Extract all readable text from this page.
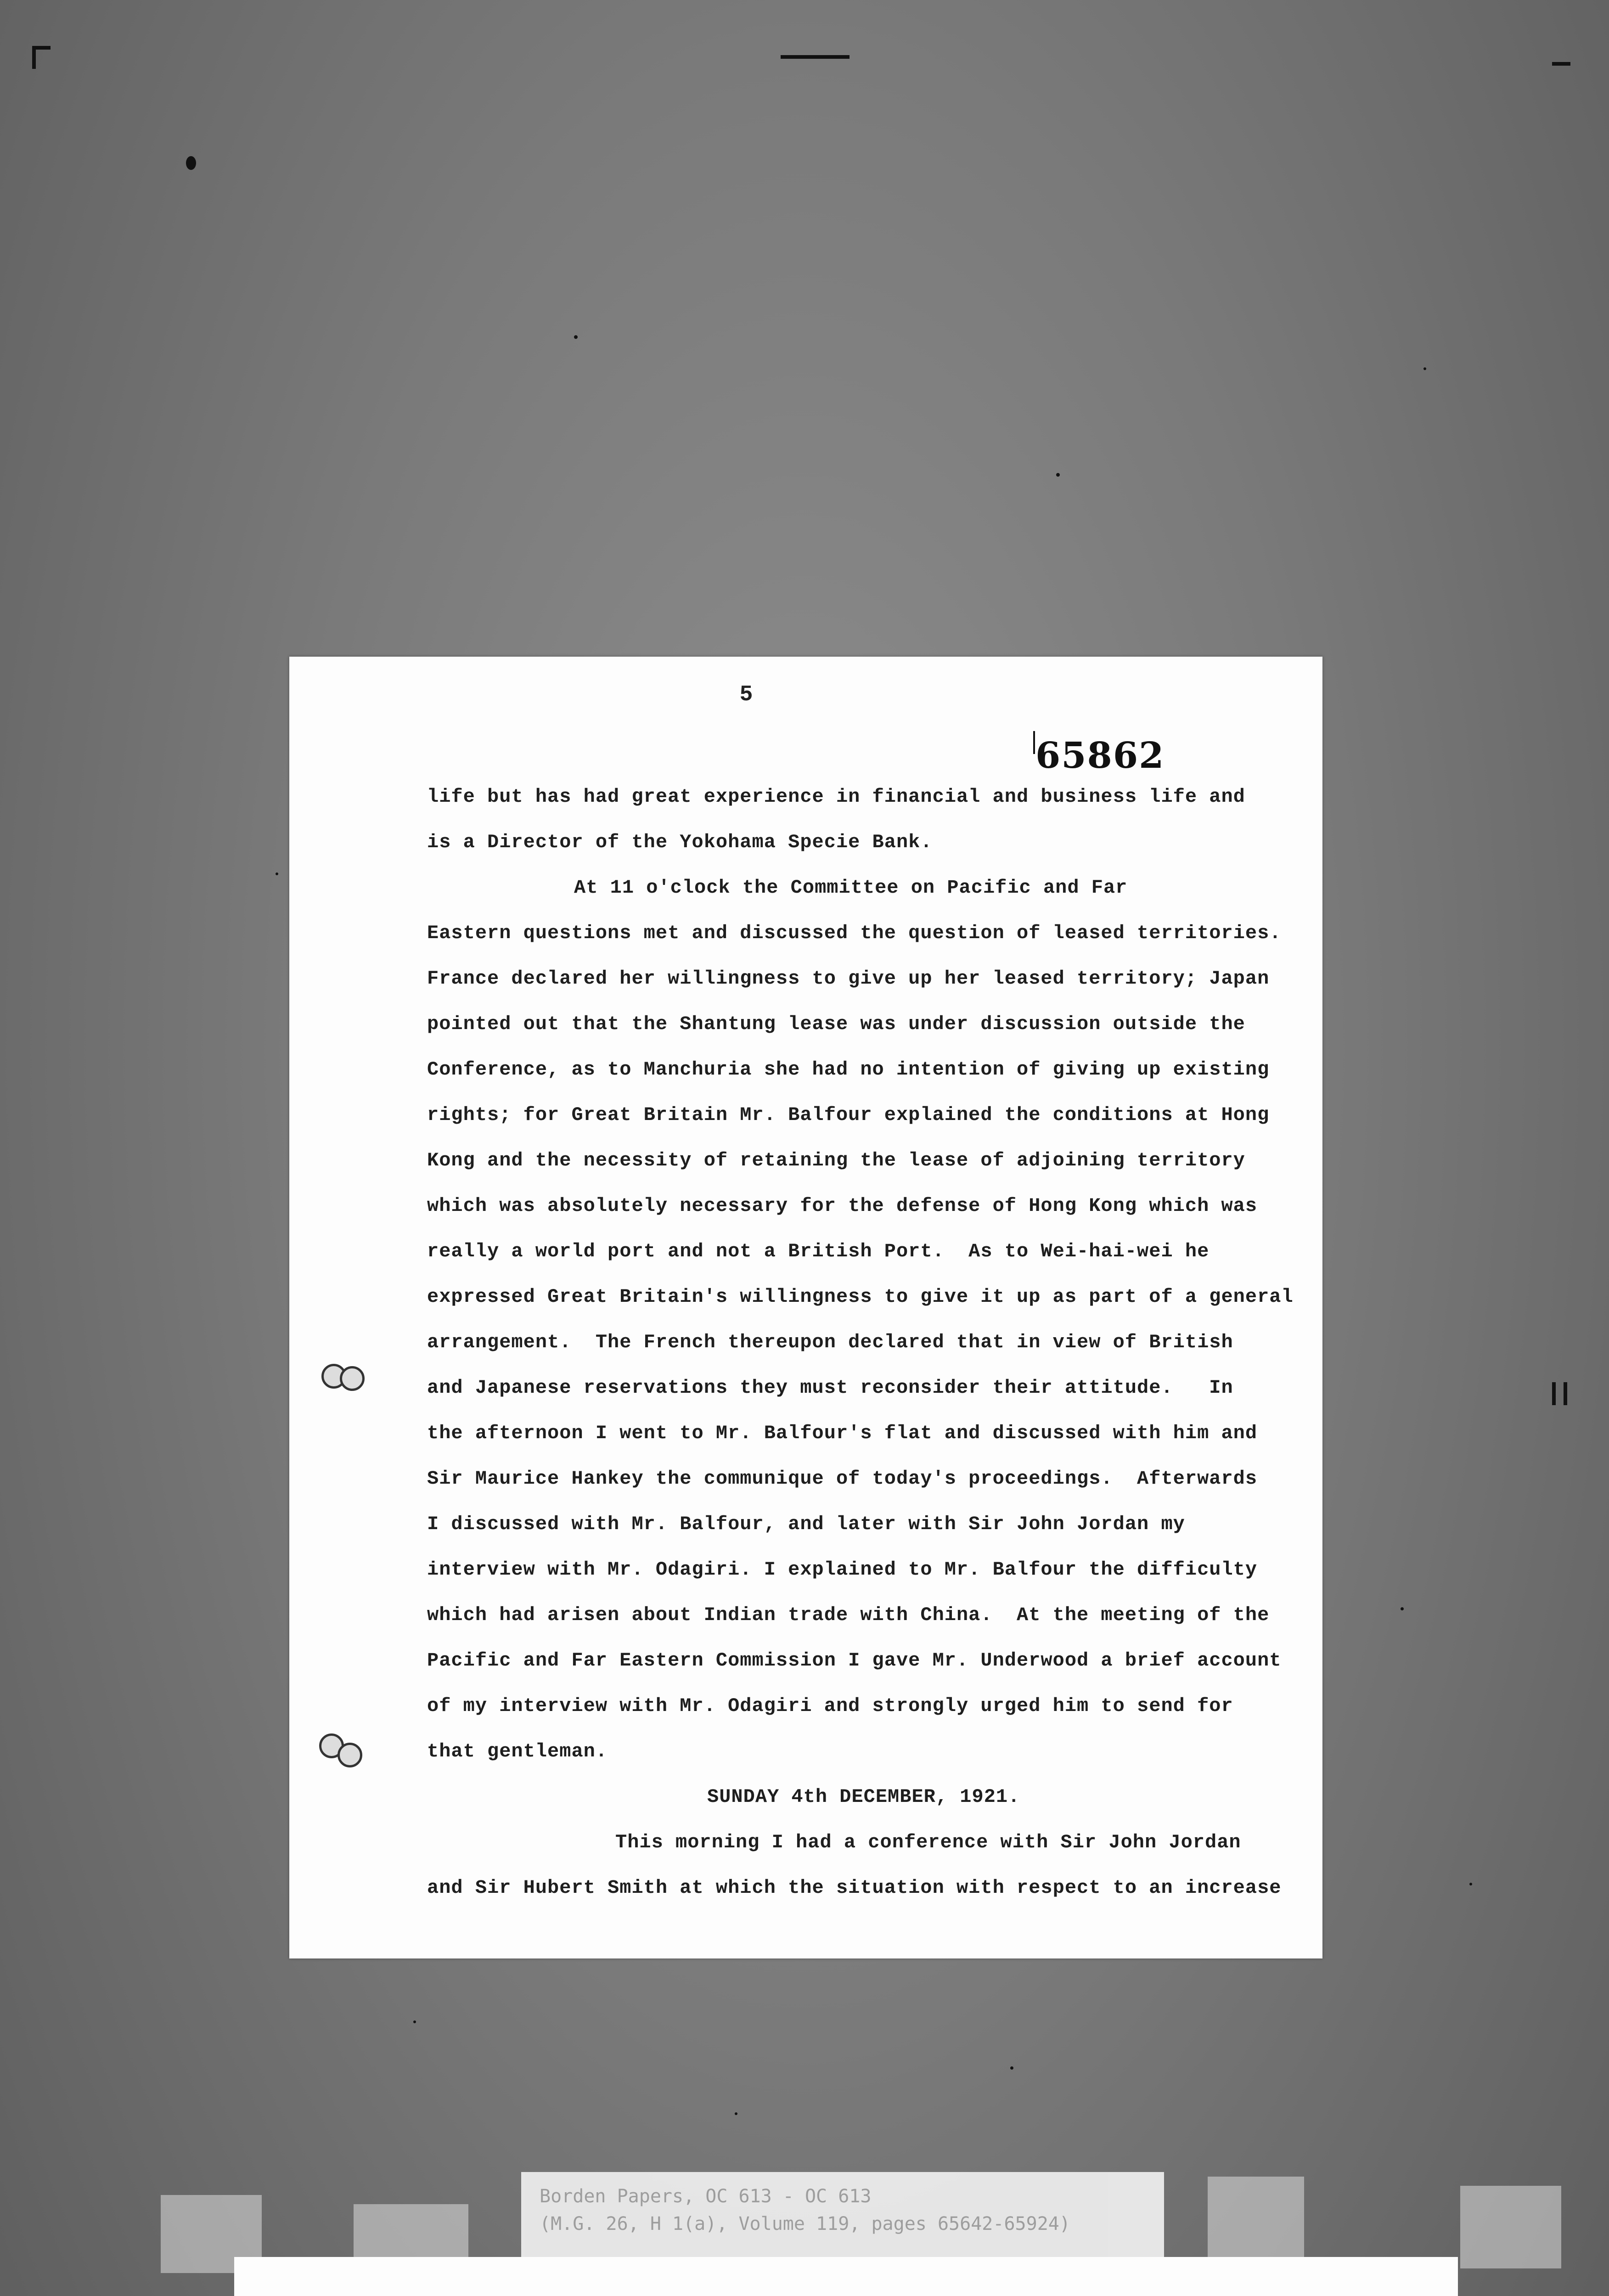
5
65862
life but has had great experience in financial and business life and
is a Director of the Yokohama Specie Bank.
At 11 o'clock the Committee on Pacific and Far
Eastern questions met and discussed the question of leased territories.
France declared her willingness to give up her leased territory; Japan
pointed out that the Shantung lease was under discussion outside the
Conference, as to Manchuria she had no intention of giving up existing
rights; for Great Britain Mr. Balfour explained the conditions at Hong
Kong and the necessity of retaining the lease of adjoining territory
which was absolutely necessary for the defense of Hong Kong which was
really a world port and not a British Port.  As to Wei-hai-wei he
expressed Great Britain's willingness to give it up as part of a general
arrangement.  The French thereupon declared that in view of British
and Japanese reservations they must reconsider their attitude.   In
the afternoon I went to Mr. Balfour's flat and discussed with him and
Sir Maurice Hankey the communique of today's proceedings.  Afterwards
I discussed with Mr. Balfour, and later with Sir John Jordan my
interview with Mr. Odagiri. I explained to Mr. Balfour the difficulty
which had arisen about Indian trade with China.  At the meeting of the
Pacific and Far Eastern Commission I gave Mr. Underwood a brief account
of my interview with Mr. Odagiri and strongly urged him to send for
that gentleman.
SUNDAY 4th DECEMBER, 1921.
This morning I had a conference with Sir John Jordan
and Sir Hubert Smith at which the situation with respect to an increase
Borden Papers, OC 613 - OC 613
(M.G. 26, H 1(a), Volume 119, pages 65642-65924)
